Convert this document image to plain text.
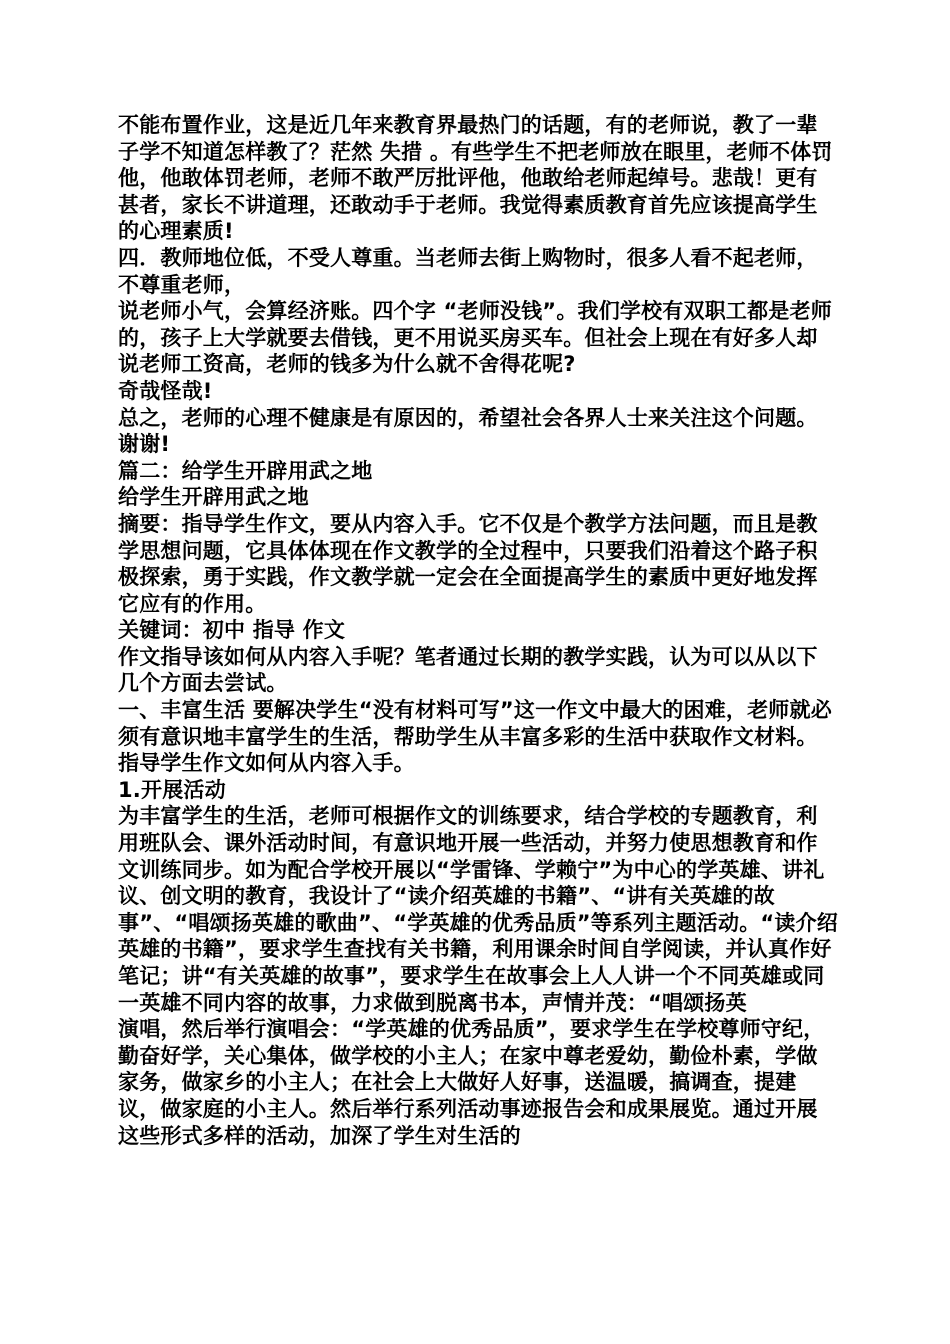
不能布置作业，这是近几年来教育界最热门的话题，有的老师说，教了一辈子学不知道怎样教了？茫然 失措 。有些学生不把老师放在眼里，老师不体罚他，他敢体罚老师，老师不敢严厉批评他，他敢给老师起绰号。悲哉！更有甚者，家长不讲道理，还敢动手于老师。我觉得素质教育首先应该提高学生的心理素质!

四．教师地位低，不受人尊重。当老师去街上购物时，很多人看不起老师，不尊重老师，

说老师小气，会算经济账。四个字 “老师没钱”。我们学校有双职工都是老师的，孩子上大学就要去借钱，更不用说买房买车。但社会上现在有好多人却说老师工资高，老师的钱多为什么就不舍得花呢?

奇哉怪哉!

总之，老师的心理不健康是有原因的，希望社会各界人士来关注这个问题。谢谢!

篇二：给学生开辟用武之地

给学生开辟用武之地

摘要：指导学生作文，要从内容入手。它不仅是个教学方法问题，而且是教学思想问题，它具体体现在作文教学的全过程中，只要我们沿着这个路子积极探索，勇于实践，作文教学就一定会在全面提高学生的素质中更好地发挥它应有的作用。

关键词：初中 指导 作文

作文指导该如何从内容入手呢？笔者通过长期的教学实践，认为可以从以下几个方面去尝试。

一、丰富生活 要解决学生“没有材料可写”这一作文中最大的困难，老师就必须有意识地丰富学生的生活，帮助学生从丰富多彩的生活中获取作文材料。指导学生作文如何从内容入手。

1.开展活动

为丰富学生的生活，老师可根据作文的训练要求，结合学校的专题教育，利用班队会、课外活动时间，有意识地开展一些活动，并努力使思想教育和作文训练同步。如为配合学校开展以“学雷锋、学赖宁”为中心的学英雄、讲礼议、创文明的教育，我设计了“读介绍英雄的书籍”、“讲有关英雄的故事”、“唱颂扬英雄的歌曲”、“学英雄的优秀品质”等系列主题活动。“读介绍英雄的书籍”，要求学生查找有关书籍，利用课余时间自学阅读，并认真作好笔记；讲“有关英雄的故事”，要求学生在故事会上人人讲一个不同英雄或同一英雄不同内容的故事，力求做到脱离书本，声情并茂：“唱颂扬英

演唱，然后举行演唱会：“学英雄的优秀品质”，要求学生在学校尊师守纪，勤奋好学，关心集体，做学校的小主人；在家中尊老爱幼，勤俭朴素，学做家务，做家乡的小主人；在社会上大做好人好事，送温暖，搞调查，提建议，做家庭的小主人。然后举行系列活动事迹报告会和成果展览。通过开展这些形式多样的活动，加深了学生对生活的
